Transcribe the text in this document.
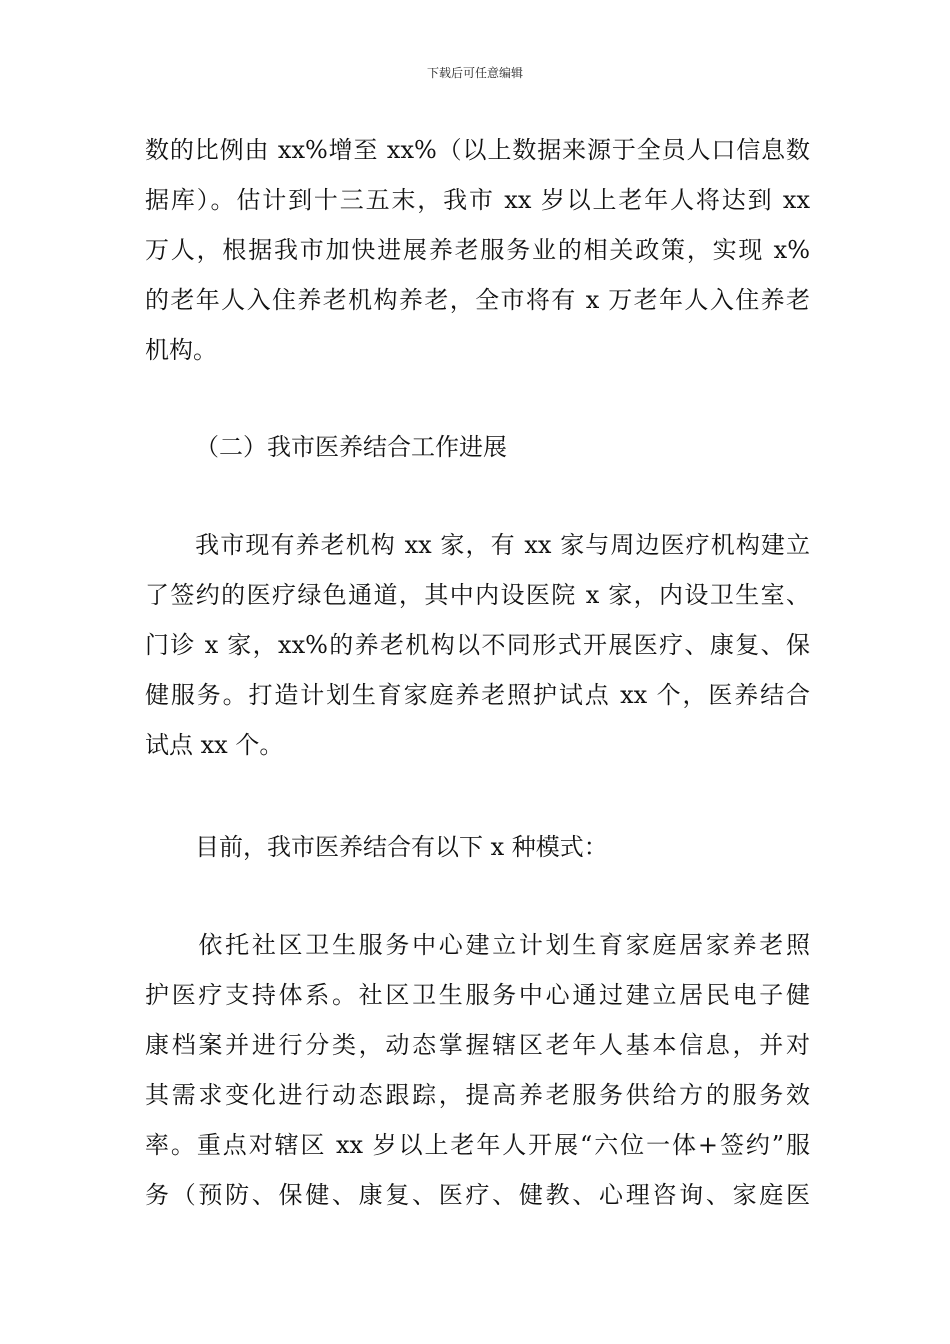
下载后可任意编辑
数的比例由 xx%增至 xx%（以上数据来源于全员人口信息数
据库）。估计到十三五末，我市 xx 岁以上老年人将达到 xx
万人，根据我市加快进展养老服务业的相关政策，实现 x%
的老年人入住养老机构养老，全市将有 x 万老年人入住养老
机构。
（二）我市医养结合工作进展
　　我市现有养老机构 xx 家，有 xx 家与周边医疗机构建立
了签约的医疗绿色通道，其中内设医院 x 家，内设卫生室、
门诊 x 家，xx%的养老机构以不同形式开展医疗、康复、保
健服务。打造计划生育家庭养老照护试点 xx 个，医养结合
试点 xx 个。
目前，我市医养结合有以下 x 种模式：
　　依托社区卫生服务中心建立计划生育家庭居家养老照
护医疗支持体系。社区卫生服务中心通过建立居民电子健
康档案并进行分类，动态掌握辖区老年人基本信息，并对
其需求变化进行动态跟踪，提高养老服务供给方的服务效
率。重点对辖区 xx 岁以上老年人开展“六位一体+签约”服
务（预防、保健、康复、医疗、健教、心理咨询、家庭医
